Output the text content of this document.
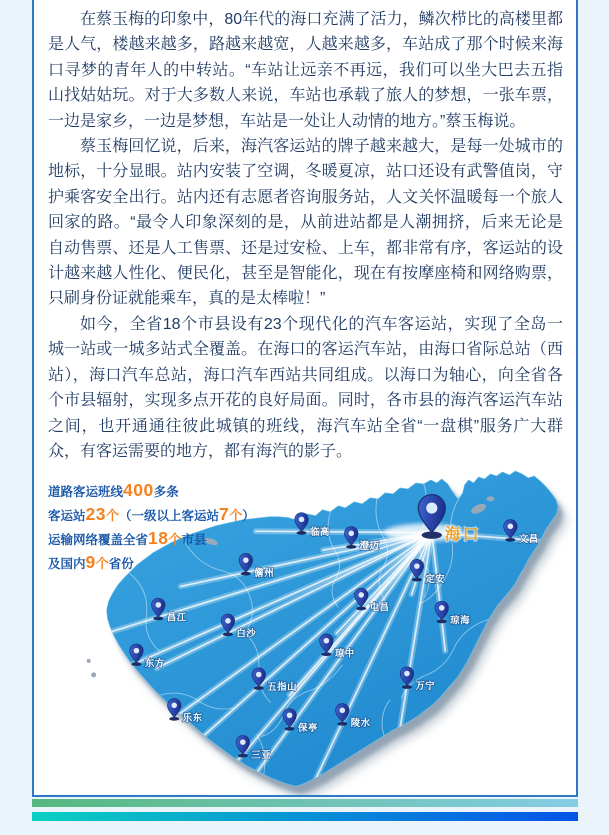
在蔡玉梅的印象中，80年代的海口充满了活力，鳞次栉比的高楼里都是人气，楼越来越多，路越来越宽，人越来越多，车站成了那个时候来海口寻梦的青年人的中转站。“车站让远亲不再远，我们可以坐大巴去五指山找姑姑玩。对于大多数人来说，车站也承载了旅人的梦想，一张车票，一边是家乡，一边是梦想，车站是一处让人动情的地方。”蔡玉梅说。

蔡玉梅回忆说，后来，海汽客运站的牌子越来越大，是每一处城市的地标，十分显眼。站内安装了空调，冬暖夏凉，站口还设有武警值岗，守护乘客安全出行。站内还有志愿者咨询服务站，人文关怀温暖每一个旅人回家的路。“最令人印象深刻的是，从前进站都是人潮拥挤，后来无论是自动售票、还是人工售票、还是过安检、上车，都非常有序，客运站的设计越来越人性化、便民化，甚至是智能化，现在有按摩座椅和网络购票，只刷身份证就能乘车，真的是太棒啦！”

如今，全省18个市县设有23个现代化的汽车客运站，实现了全岛一城一站或一城多站式全覆盖。在海口的客运汽车站，由海口省际总站（西站），海口汽车总站，海口汽车西站共同组成。以海口为轴心，向全省各个市县辐射，实现多点开花的良好局面。同时，各市县的海汽客运汽车站之间，也开通通往彼此城镇的班线，海汽车站全省“一盘棋”服务广大群众，有客运需要的地方，都有海汽的影子。

道路客运班线400多条
客运站23个（一级以上客运站7个）
运输网络覆盖全省18个市县
及国内9个省份
文昌
临高
澄迈
定安
屯昌
琼海
儋州
昌江
白沙
东方
琼中
五指山	万宁
乐东	陵水
保亭
三亚
海口
